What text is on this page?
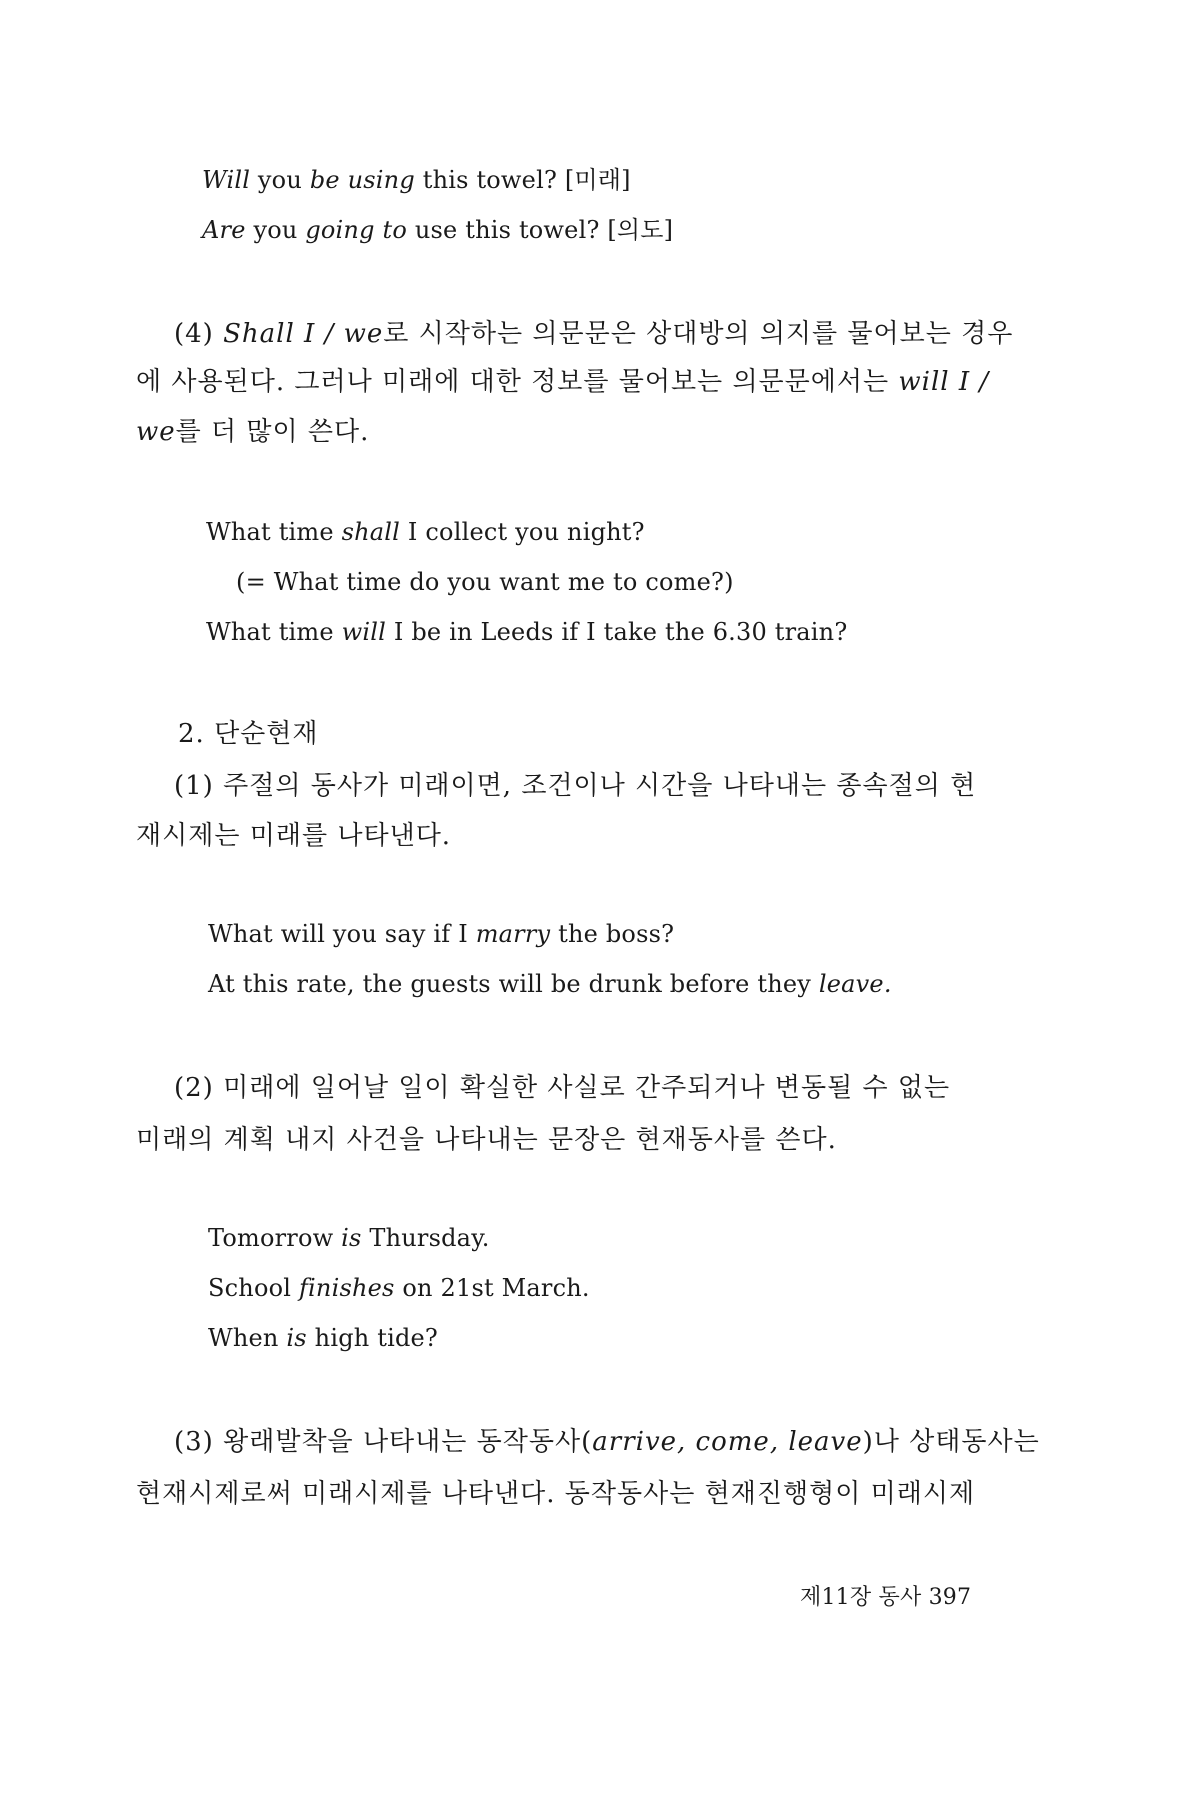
Will you be using this towel? [미래]
Are you going to use this towel? [의도]
(4) Shall I / we로 시작하는 의문문은 상대방의 의지를 물어보는 경우
에 사용된다. 그러나 미래에 대한 정보를 물어보는 의문문에서는 will I /
we를 더 많이 쓴다.
What time shall I collect you night?
(= What time do you want me to come?)
What time will I be in Leeds if I take the 6.30 train?
2. 단순현재
(1) 주절의 동사가 미래이면, 조건이나 시간을 나타내는 종속절의 현
재시제는 미래를 나타낸다.
What will you say if I marry the boss?
At this rate, the guests will be drunk before they leave.
(2) 미래에 일어날 일이 확실한 사실로 간주되거나 변동될 수 없는
미래의 계획 내지 사건을 나타내는 문장은 현재동사를 쓴다.
Tomorrow is Thursday.
School finishes on 21st March.
When is high tide?
(3) 왕래발착을 나타내는 동작동사(arrive, come, leave)나 상태동사는
현재시제로써 미래시제를 나타낸다. 동작동사는 현재진행형이 미래시제
제11장 동사 397
